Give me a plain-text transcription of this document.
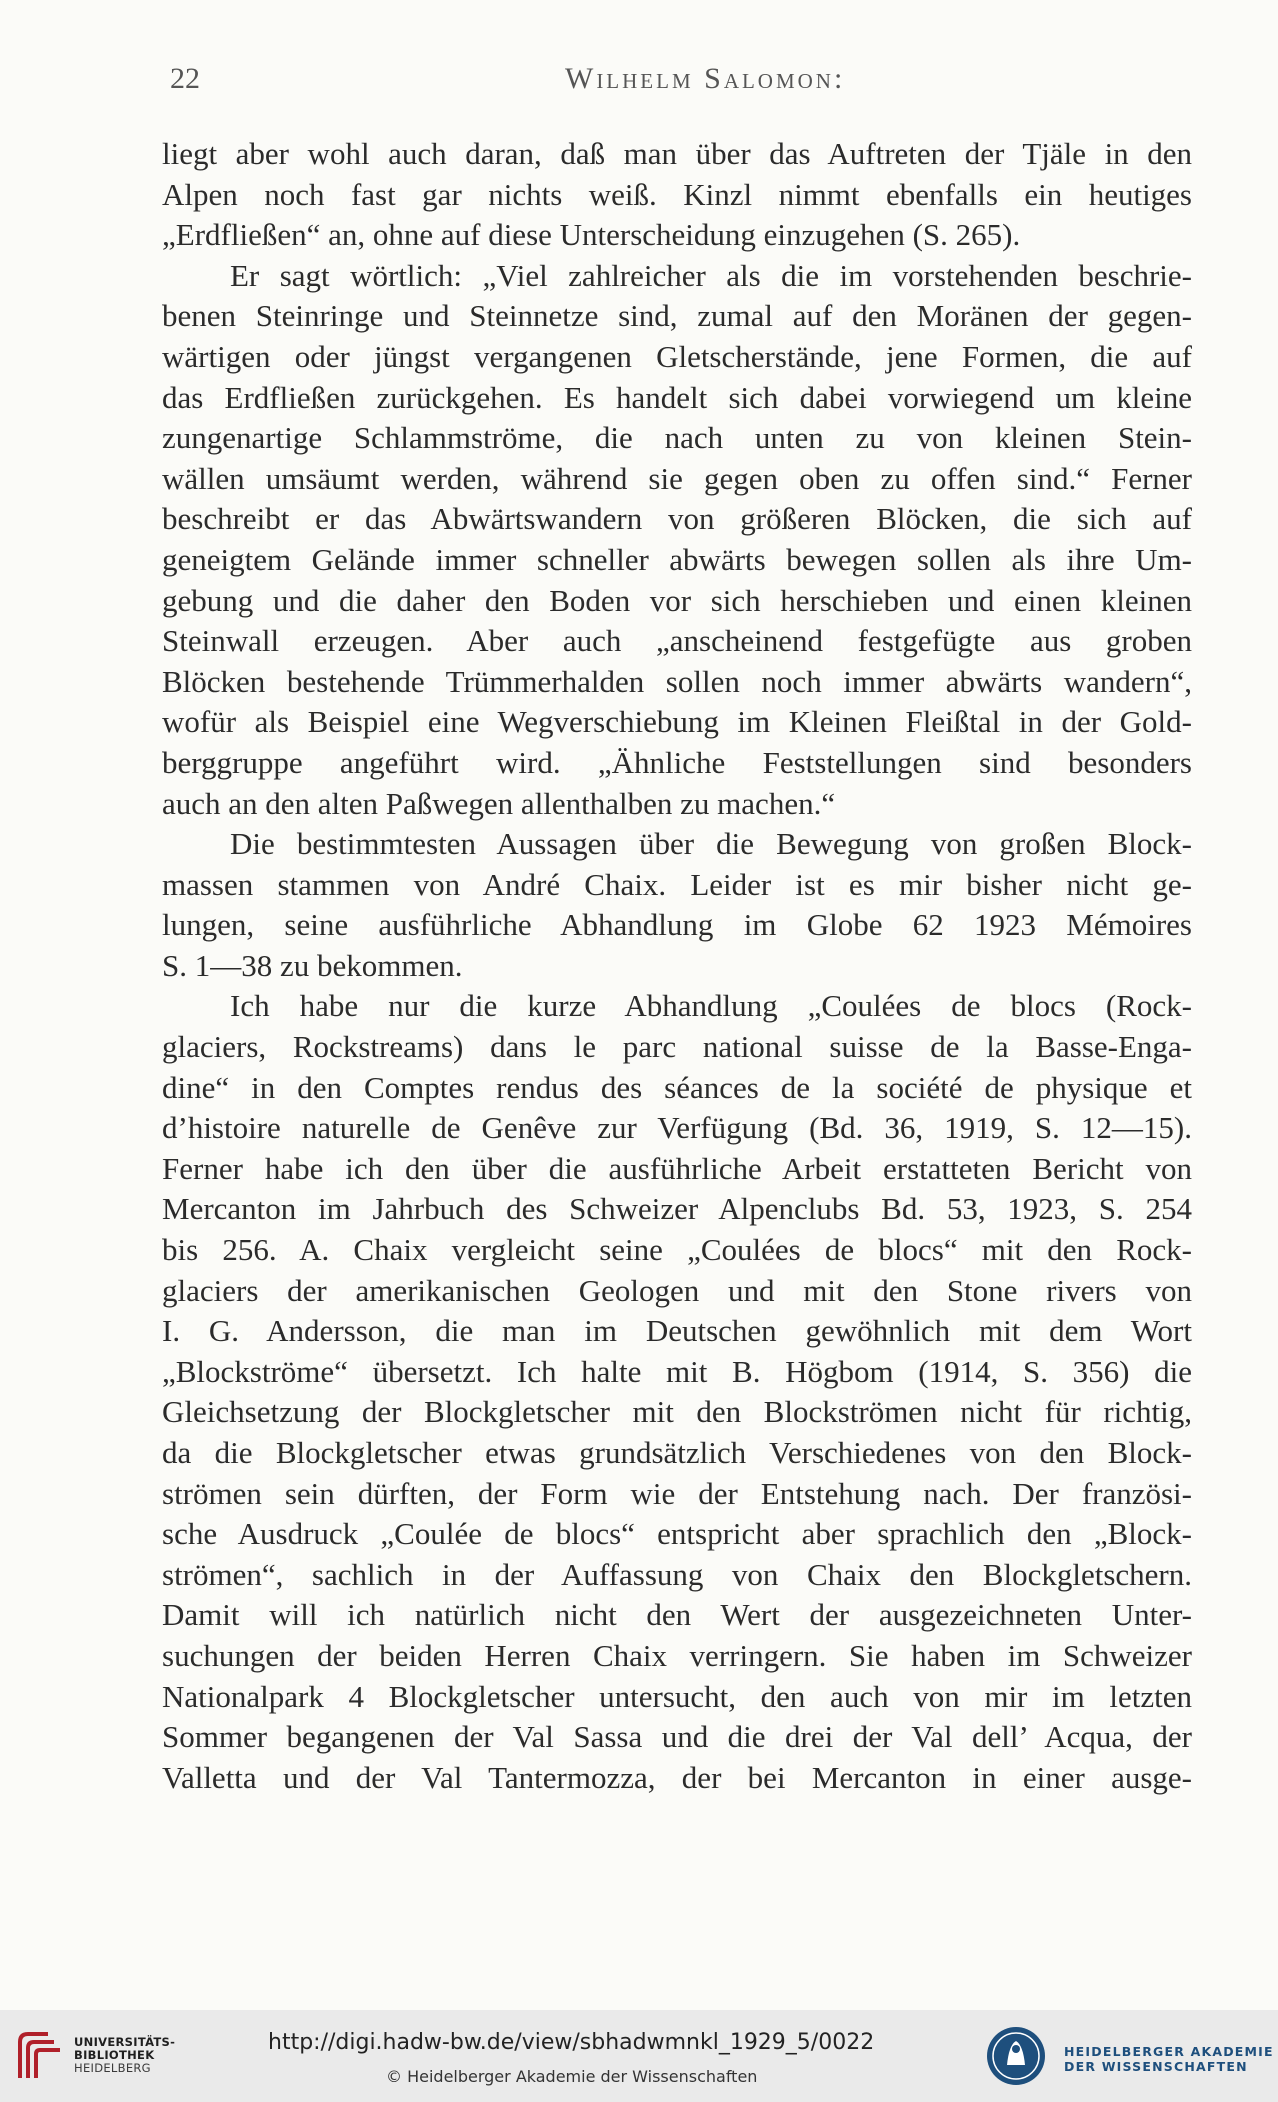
22	Wilhelm Salomon:
liegt aber wohl auch daran, daß man über das Auftreten der Tjäle in den
Alpen noch fast gar nichts weiß. Kinzl nimmt ebenfalls ein heutiges
„Erdfließen“ an, ohne auf diese Unterscheidung einzugehen (S. 265).
Er sagt wörtlich: „Viel zahlreicher als die im vorstehenden beschrie-
benen Steinringe und Steinnetze sind, zumal auf den Moränen der gegen-
wärtigen oder jüngst vergangenen Gletscherstände, jene Formen, die auf
das Erdfließen zurückgehen. Es handelt sich dabei vorwiegend um kleine
zungenartige Schlammströme, die nach unten zu von kleinen Stein-
wällen umsäumt werden, während sie gegen oben zu offen sind.“ Ferner
beschreibt er das Abwärtswandern von größeren Blöcken, die sich auf
geneigtem Gelände immer schneller abwärts bewegen sollen als ihre Um-
gebung und die daher den Boden vor sich herschieben und einen kleinen
Steinwall erzeugen. Aber auch „anscheinend festgefügte aus groben
Blöcken bestehende Trümmerhalden sollen noch immer abwärts wandern“,
wofür als Beispiel eine Wegverschiebung im Kleinen Fleißtal in der Gold-
berggruppe angeführt wird. „Ähnliche Feststellungen sind besonders
auch an den alten Paßwegen allenthalben zu machen.“
Die bestimmtesten Aussagen über die Bewegung von großen Block-
massen stammen von André Chaix. Leider ist es mir bisher nicht ge-
lungen, seine ausführliche Abhandlung im Globe 62 1923 Mémoires
S. 1—38 zu bekommen.
Ich habe nur die kurze Abhandlung „Coulées de blocs (Rock-
glaciers, Rockstreams) dans le parc national suisse de la Basse-Enga-
dine“ in den Comptes rendus des séances de la société de physique et
d’histoire naturelle de Genêve zur Verfügung (Bd. 36, 1919, S. 12—15).
Ferner habe ich den über die ausführliche Arbeit erstatteten Bericht von
Mercanton im Jahrbuch des Schweizer Alpenclubs Bd. 53, 1923, S. 254
bis 256. A. Chaix vergleicht seine „Coulées de blocs“ mit den Rock-
glaciers der amerikanischen Geologen und mit den Stone rivers von
I. G. Andersson, die man im Deutschen gewöhnlich mit dem Wort
„Blockströme“ übersetzt. Ich halte mit B. Högbom (1914, S. 356) die
Gleichsetzung der Blockgletscher mit den Blockströmen nicht für richtig,
da die Blockgletscher etwas grundsätzlich Verschiedenes von den Block-
strömen sein dürften, der Form wie der Entstehung nach. Der französi-
sche Ausdruck „Coulée de blocs“ entspricht aber sprachlich den „Block-
strömen“, sachlich in der Auffassung von Chaix den Blockgletschern.
Damit will ich natürlich nicht den Wert der ausgezeichneten Unter-
suchungen der beiden Herren Chaix verringern. Sie haben im Schweizer
Nationalpark 4 Blockgletscher untersucht, den auch von mir im letzten
Sommer begangenen der Val Sassa und die drei der Val dell’ Acqua, der
Valletta und der Val Tantermozza, der bei Mercanton in einer ausge-
UNIVERSITÄTS-
BIBLIOTHEK
HEIDELBERG
http://digi.hadw-bw.de/view/sbhadwmnkl_1929_5/0022
© Heidelberger Akademie der Wissenschaften
HEIDELBERGER AKADEMIE
DER WISSENSCHAFTEN
